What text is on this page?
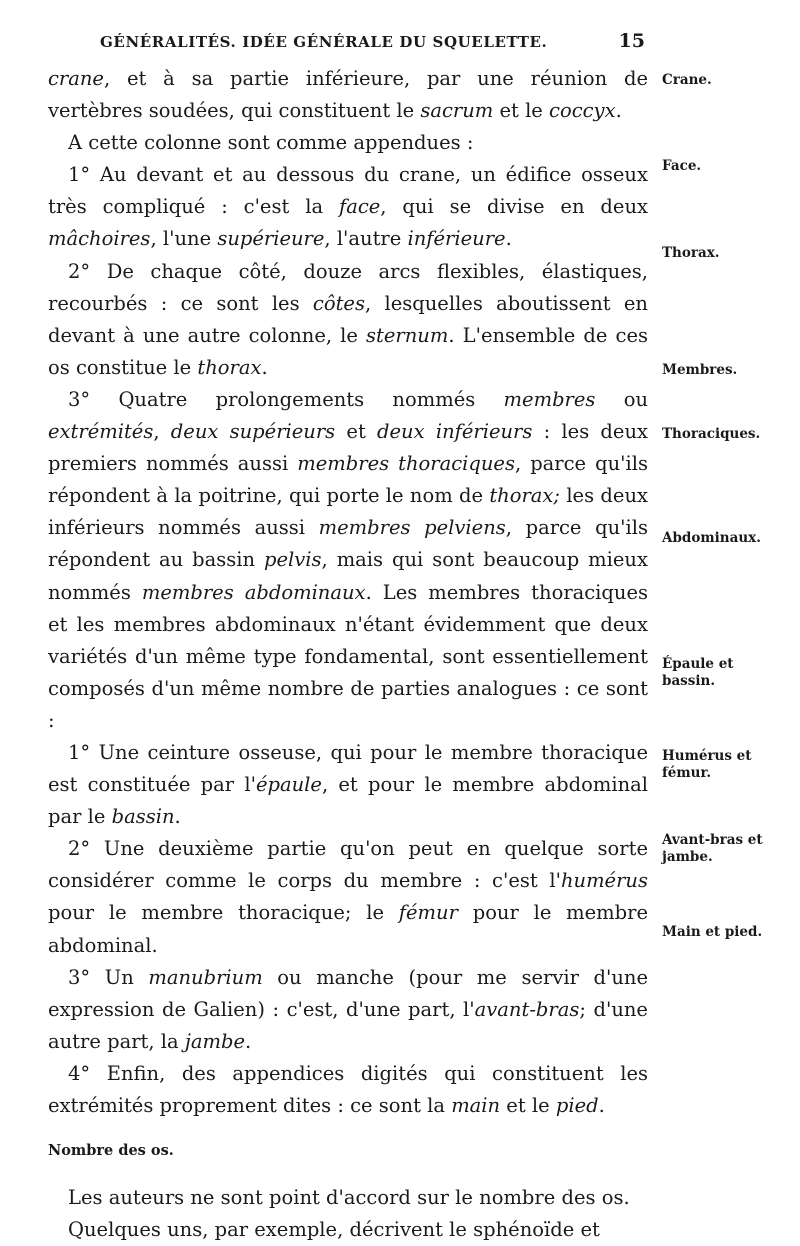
GÉNÉRALITÉS. IDÉE GÉNÉRALE DU SQUELETTE.	15

crane, et à sa partie inférieure, par une réunion de vertèbres soudées, qui constituent le sacrum et le coccyx.

A cette colonne sont comme appendues :

1° Au devant et au dessous du crane, un édifice osseux très compliqué : c'est la face, qui se divise en deux mâchoires, l'une supérieure, l'autre inférieure.

2° De chaque côté, douze arcs flexibles, élastiques, recourbés : ce sont les côtes, lesquelles aboutissent en devant à une autre colonne, le sternum. L'ensemble de ces os constitue le thorax.

3° Quatre prolongements nommés membres ou extrémités, deux supérieurs et deux inférieurs : les deux premiers nommés aussi membres thoraciques, parce qu'ils répondent à la poitrine, qui porte le nom de thorax; les deux inférieurs nommés aussi membres pelviens, parce qu'ils répondent au bassin pelvis, mais qui sont beaucoup mieux nommés membres abdominaux. Les membres thoraciques et les membres abdominaux n'étant évidemment que deux variétés d'un même type fondamental, sont essentiellement composés d'un même nombre de parties analogues : ce sont :

1° Une ceinture osseuse, qui pour le membre thoracique est constituée par l'épaule, et pour le membre abdominal par le bassin.

2° Une deuxième partie qu'on peut en quelque sorte considérer comme le corps du membre : c'est l'humérus pour le membre thoracique; le fémur pour le membre abdominal.

3° Un manubrium ou manche (pour me servir d'une expression de Galien) : c'est, d'une part, l'avant-bras; d'une autre part, la jambe.

4° Enfin, des appendices digités qui constituent les extrémités proprement dites : ce sont la main et le pied.

Nombre des os.

Les auteurs ne sont point d'accord sur le nombre des os.

Quelques uns, par exemple, décrivent le sphénoïde et

Crane.
Face.
Thorax.
Membres.
Thoraciques.
Abdominaux.
Épaule et bassin.
Humérus et fémur.
Avant-bras et jambe.
Main et pied.
